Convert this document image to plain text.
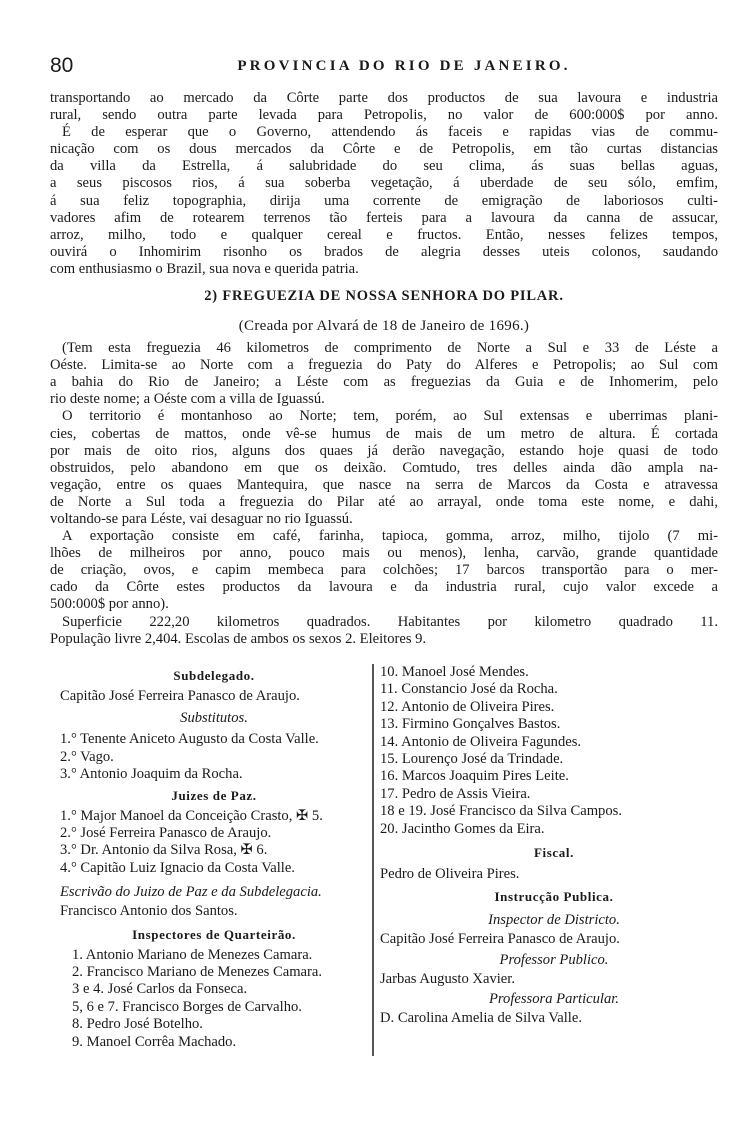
80	PROVINCIA DO RIO DE JANEIRO.
transportando ao mercado da Côrte parte dos productos de sua lavoura e industria
rural, sendo outra parte levada para Petropolis, no valor de 600:000$ por anno.
É de esperar que o Governo, attendendo ás faceis e rapidas vias de commu-
nicação com os dous mercados da Côrte e de Petropolis, em tão curtas distancias
da villa da Estrella, á salubridade do seu clima, ás suas bellas aguas,
a seus piscosos rios, á sua soberba vegetação, á uberdade de seu sólo, emfim,
á sua feliz topographia, dirija uma corrente de emigração de laboriosos culti-
vadores afim de rotearem terrenos tão ferteis para a lavoura da canna de assucar,
arroz, milho, todo e qualquer cereal e fructos. Então, nesses felizes tempos,
ouvirá o Inhomirim risonho os brados de alegria desses uteis colonos, saudando
com enthusiasmo o Brazil, sua nova e querida patria.
2) FREGUEZIA DE NOSSA SENHORA DO PILAR.
(Creada por Alvará de 18 de Janeiro de 1696.)
(Tem esta freguezia 46 kilometros de comprimento de Norte a Sul e 33 de Léste a
Oéste. Limita-se ao Norte com a freguezia do Paty do Alferes e Petropolis; ao Sul com
a bahia do Rio de Janeiro; a Léste com as freguezias da Guia e de Inhomerim, pelo
rio deste nome; a Oéste com a villa de Iguassú.
O territorio é montanhoso ao Norte; tem, porém, ao Sul extensas e uberrimas plani-
cies, cobertas de mattos, onde vê-se humus de mais de um metro de altura. É cortada
por mais de oito rios, alguns dos quaes já derão navegação, estando hoje quasi de todo
obstruidos, pelo abandono em que os deixão. Comtudo, tres delles ainda dão ampla na-
vegação, entre os quaes Mantequira, que nasce na serra de Marcos da Costa e atravessa
de Norte a Sul toda a freguezia do Pilar até ao arrayal, onde toma este nome, e dahi,
voltando-se para Léste, vai desaguar no rio Iguassú.
A exportação consiste em café, farinha, tapioca, gomma, arroz, milho, tijolo (7 mi-
lhões de milheiros por anno, pouco mais ou menos), lenha, carvão, grande quantidade
de criação, ovos, e capim membeca para colchões; 17 barcos transportão para o mer-
cado da Côrte estes productos da lavoura e da industria rural, cujo valor excede a
500:000$ por anno).
Superficie 222,20 kilometros quadrados. Habitantes por kilometro quadrado 11.
População livre 2,404. Escolas de ambos os sexos 2. Eleitores 9.
Subdelegado.
Capitão José Ferreira Panasco de Araujo.
Substitutos.
1.° Tenente Aniceto Augusto da Costa Valle.
2.° Vago.
3.° Antonio Joaquim da Rocha.
Juizes de Paz.
1.° Major Manoel da Conceição Crasto, ✠ 5.
2.° José Ferreira Panasco de Araujo.
3.° Dr. Antonio da Silva Rosa, ✠ 6.
4.° Capitão Luiz Ignacio da Costa Valle.
Escrivão do Juizo de Paz e da Subdelegacia.
Francisco Antonio dos Santos.
Inspectores de Quarteirão.
1. Antonio Mariano de Menezes Camara.
2. Francisco Mariano de Menezes Camara.
3 e 4. José Carlos da Fonseca.
5, 6 e 7. Francisco Borges de Carvalho.
8. Pedro José Botelho.
9. Manoel Corrêa Machado.
10. Manoel José Mendes.
11. Constancio José da Rocha.
12. Antonio de Oliveira Pires.
13. Firmino Gonçalves Bastos.
14. Antonio de Oliveira Fagundes.
15. Lourenço José da Trindade.
16. Marcos Joaquim Pires Leite.
17. Pedro de Assis Vieira.
18 e 19. José Francisco da Silva Campos.
20. Jacintho Gomes da Eira.
Fiscal.
Pedro de Oliveira Pires.
Instrucção Publica.
Inspector de Districto.
Capitão José Ferreira Panasco de Araujo.
Professor Publico.
Jarbas Augusto Xavier.
Professora Particular.
D. Carolina Amelia de Silva Valle.
